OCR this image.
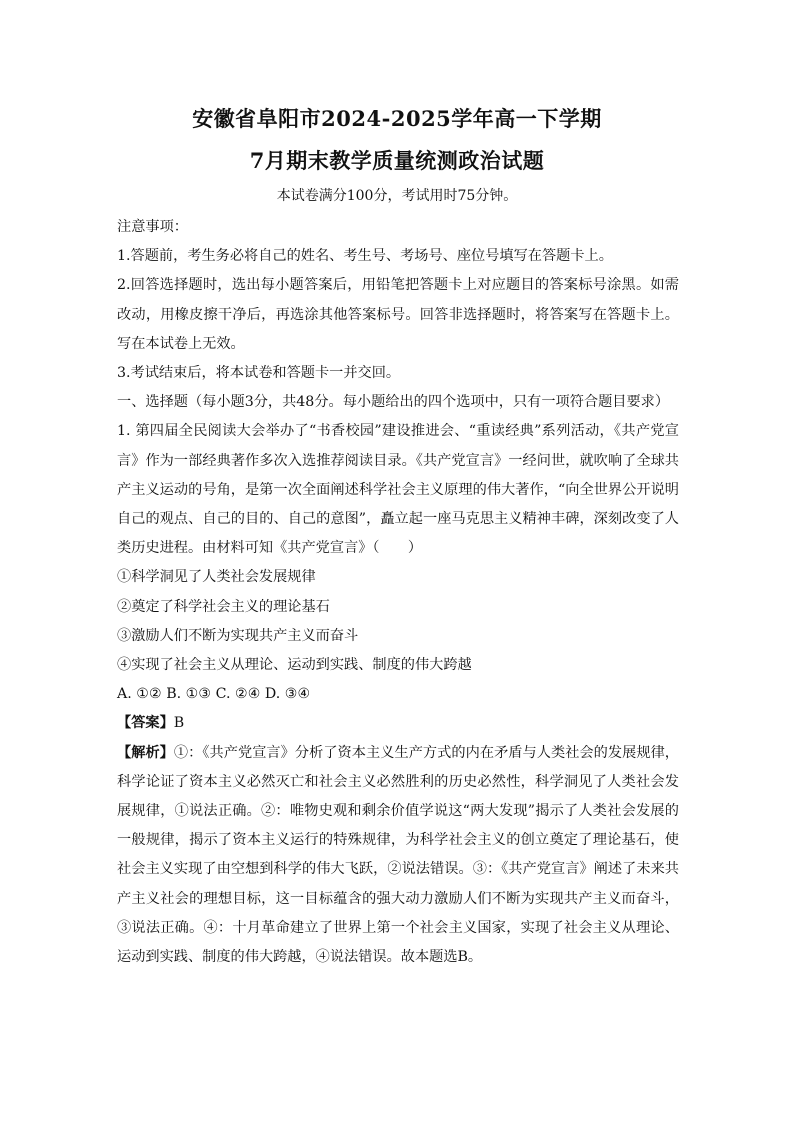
安徽省阜阳市2024-2025学年高一下学期
7月期末教学质量统测政治试题
本试卷满分100分，考试用时75分钟。

注意事项：

1.答题前，考生务必将自己的姓名、考生号、考场号、座位号填写在答题卡上。

2.回答选择题时，选出每小题答案后，用铅笔把答题卡上对应题目的答案标号涂黑。如需改动，用橡皮擦干净后，再选涂其他答案标号。回答非选择题时，将答案写在答题卡上。写在本试卷上无效。

3.考试结束后，将本试卷和答题卡一并交回。

一、选择题（每小题3分，共48分。每小题给出的四个选项中，只有一项符合题目要求）

1. 第四届全民阅读大会举办了“书香校园”建设推进会、“重读经典”系列活动，《共产党宣言》作为一部经典著作多次入选推荐阅读目录。《共产党宣言》一经问世，就吹响了全球共产主义运动的号角，是第一次全面阐述科学社会主义原理的伟大著作，“向全世界公开说明自己的观点、自己的目的、自己的意图”，矗立起一座马克思主义精神丰碑，深刻改变了人类历史进程。由材料可知《共产党宣言》（　　）

①科学洞见了人类社会发展规律

②奠定了科学社会主义的理论基石

③激励人们不断为实现共产主义而奋斗

④实现了社会主义从理论、运动到实践、制度的伟大跨越

A. ①② B. ①③ C. ②④ D. ③④

【答案】B

【解析】①：《共产党宣言》分析了资本主义生产方式的内在矛盾与人类社会的发展规律，科学论证了资本主义必然灭亡和社会主义必然胜利的历史必然性，科学洞见了人类社会发展规律，①说法正确。②：唯物史观和剩余价值学说这“两大发现”揭示了人类社会发展的一般规律，揭示了资本主义运行的特殊规律，为科学社会主义的创立奠定了理论基石，使社会主义实现了由空想到科学的伟大飞跃，②说法错误。③：《共产党宣言》阐述了未来共产主义社会的理想目标，这一目标蕴含的强大动力激励人们不断为实现共产主义而奋斗，③说法正确。④：十月革命建立了世界上第一个社会主义国家，实现了社会主义从理论、运动到实践、制度的伟大跨越，④说法错误。故本题选B。
